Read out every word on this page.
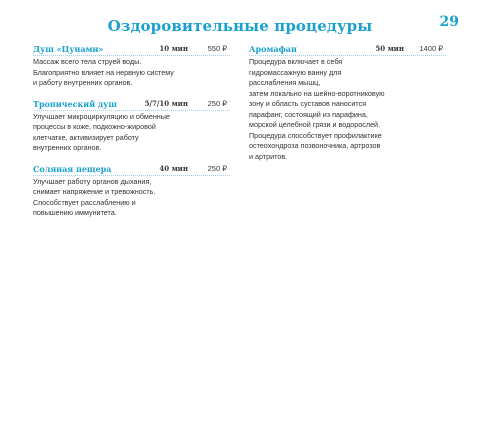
Оздоровительные процедуры	29
Душ «Цунами»	10 мин	550 ₽
Массаж всего тела струей воды.
Благоприятно влияет на нервную систему
и работу внутренних органов.
Тропический душ	5/7/10 мин	250 ₽
Улучшает микроциркуляцию и обменные
процессы в коже, подкожно-жировой
клетчатке, активизирует работу
внутренних органов.
Соляная пещера	40 мин	250 ₽
Улучшает работу органов дыхания,
снимает напряжение и тревожность.
Способствует расслаблению и
повышению иммунитета.
Аромафан	50 мин 1400 ₽
Процедура включает в себя
гидромассажную ванну для
расслабления мышц,
затем локально на шейно-воротниковую
зону и область суставов наносится
парафанг, состоящий из парафина,
морской целебной грязи и водорослей.
Процедура способствует профилактике
остеохондроза позвоночника, артрозов
и артритов.
